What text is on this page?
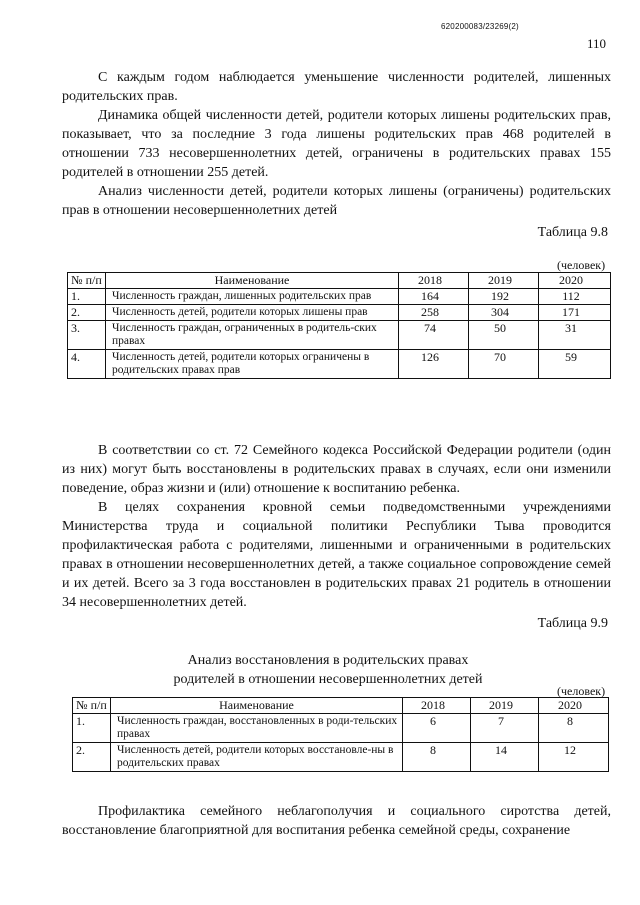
620200083/23269(2)
110

С каждым годом наблюдается уменьшение численности родителей, лишенных родительских прав.

Динамика общей численности детей, родители которых лишены родительских прав, показывает, что за последние 3 года лишены родительских прав 468 родителей в отношении 733 несовершеннолетних детей, ограничены в родительских правах 155 родителей в отношении 255 детей.

Анализ численности детей, родители которых лишены (ограничены) родительских прав в отношении несовершеннолетних детей

Таблица 9.8
(человек)
№ п/п	Наименование	2018	2019	2020
1.	Численность граждан, лишенных родительских прав	164	192	112
2.	Численность детей, родители которых лишены прав	258	304	171
3.	Численность граждан, ограниченных в родитель-ских правах	74	50	31
4.	Численность детей, родители которых ограничены в родительских правах прав	126	70	59

В соответствии со ст. 72 Семейного кодекса Российской Федерации родители (один из них) могут быть восстановлены в родительских правах в случаях, если они изменили поведение, образ жизни и (или) отношение к воспитанию ребенка.

В целях сохранения кровной семьи подведомственными учреждениями Министерства труда и социальной политики Республики Тыва проводится профилактическая работа с родителями, лишенными и ограниченными в родительских правах в отношении несовершеннолетних детей, а также социальное сопровождение семей и их детей. Всего за 3 года восстановлен в родительских правах 21 родитель в отношении 34 несовершеннолетних детей.

Таблица 9.9
Анализ восстановления в родительских правах
родителей в отношении несовершеннолетних детей
(человек)
№ п/п	Наименование	2018	2019	2020
1.	Численность граждан, восстановленных в роди-тельских правах	6	7	8
2.	Численность детей, родители которых восстановле-ны в родительских правах	8	14	12

Профилактика семейного неблагополучия и социального сиротства детей, восстановление благоприятной для воспитания ребенка семейной среды, сохранение
